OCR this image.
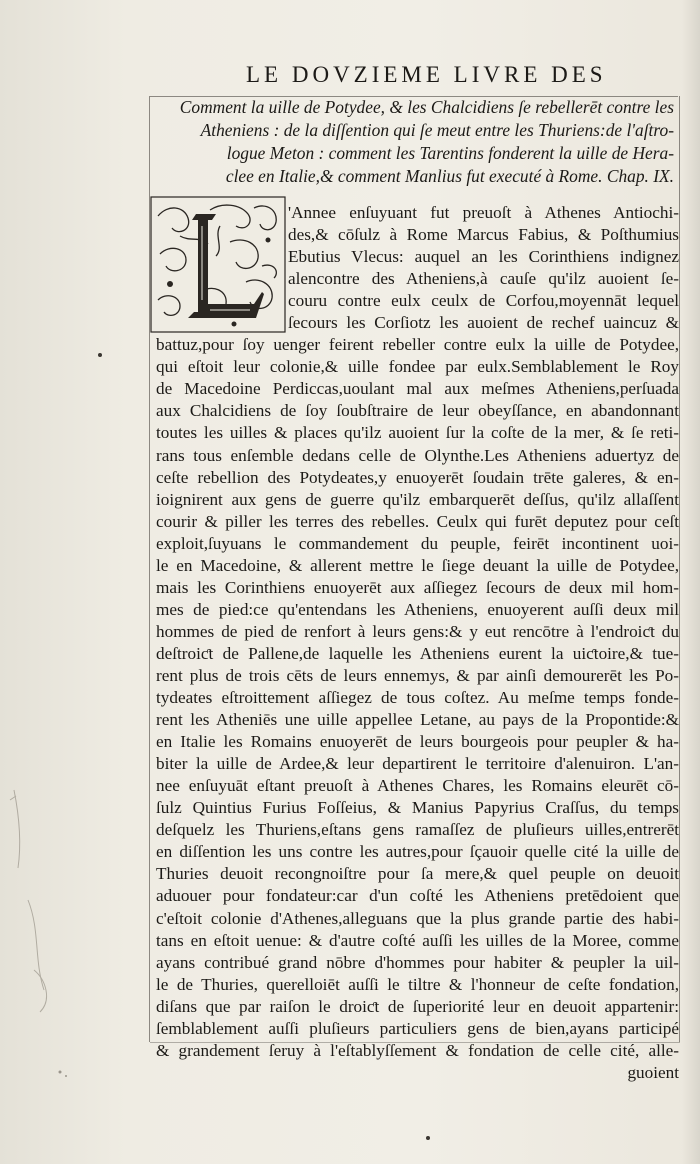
LE DOVZIEME LIVRE DES
Comment la uille de Potydee, & les Chalcidiens ſe rebellerēt contre les
Atheniens : de la diſſention qui ſe meut entre les Thuriens:de l'aſtro-
logue Meton : comment les Tarentins fonderent la uille de Hera-
clee en Italie,& comment Manlius fut executé à Rome. Chap. IX.
'Annee enſuyuant fut preuoſt à Athenes Antiochi-
des,& cōſulz à Rome Marcus Fabius, & Poſthumius
Ebutius Vlecus: auquel an les Corinthiens indignez
alencontre des Atheniens,à cauſe qu'ilz auoient ſe-
couru contre eulx ceulx de Corfou,moyennāt lequel
ſecours les Corſiotz les auoient de rechef uaincuz &
battuz,pour ſoy uenger feirent rebeller contre eulx la uille de Potydee,
qui eſtoit leur colonie,& uille fondee par eulx.Semblablement le Roy
de Macedoine Perdiccas,uoulant mal aux meſmes Atheniens,perſuada
aux Chalcidiens de ſoy ſoubſtraire de leur obeyſſance, en abandonnant
toutes les uilles & places qu'ilz auoient ſur la coſte de la mer, & ſe reti-
rans tous enſemble dedans celle de Olynthe.Les Atheniens aduertyz de
ceſte rebellion des Potydeates,y enuoyerēt ſoudain trēte galeres, & en-
ioignirent aux gens de guerre qu'ilz embarquerēt deſſus, qu'ilz allaſſent
courir & piller les terres des rebelles. Ceulx qui furēt deputez pour ceſt
exploit,ſuyuans le commandement du peuple, feirēt incontinent uoi-
le en Macedoine, & allerent mettre le ſiege deuant la uille de Potydee,
mais les Corinthiens enuoyerēt aux aſſiegez ſecours de deux mil hom-
mes de pied:ce qu'entendans les Atheniens, enuoyerent auſſi deux mil
hommes de pied de renfort à leurs gens:& y eut rencōtre à l'endroiƈt du
deſtroiƈt de Pallene,de laquelle les Atheniens eurent la uiƈtoire,& tue-
rent plus de trois cēts de leurs ennemys, & par ainſi demourerēt les Po-
tydeates eſtroittement aſſiegez de tous coſtez. Au meſme temps fonde-
rent les Atheniēs une uille appellee Letane, au pays de la Propontide:&
en Italie les Romains enuoyerēt de leurs bourgeois pour peupler & ha-
biter la uille de Ardee,& leur departirent le territoire d'alenuiron. L'an-
nee enſuyuāt eſtant preuoſt à Athenes Chares, les Romains eleurēt cō-
ſulz Quintius Furius Foſſeius, & Manius Papyrius Craſſus, du temps
deſquelz les Thuriens,eſtans gens ramaſſez de pluſieurs uilles,entrerēt
en diſſention les uns contre les autres,pour ſçauoir quelle cité la uille de
Thuries deuoit recongnoiſtre pour ſa mere,& quel peuple on deuoit
aduouer pour fondateur:car d'un coſté les Atheniens pretēdoient que
c'eſtoit colonie d'Athenes,alleguans que la plus grande partie des habi-
tans en eſtoit uenue: & d'autre coſté auſſi les uilles de la Moree, comme
ayans contribué grand nōbre d'hommes pour habiter & peupler la uil-
le de Thuries, querelloiēt auſſi le tiltre & l'honneur de ceſte fondation,
diſans que par raiſon le droiƈt de ſuperiorité leur en deuoit appartenir:
ſemblablement auſſi pluſieurs particuliers gens de bien,ayans participé
& grandement ſeruy à l'eſtablyſſement & fondation de celle cité, alle-
guoient
